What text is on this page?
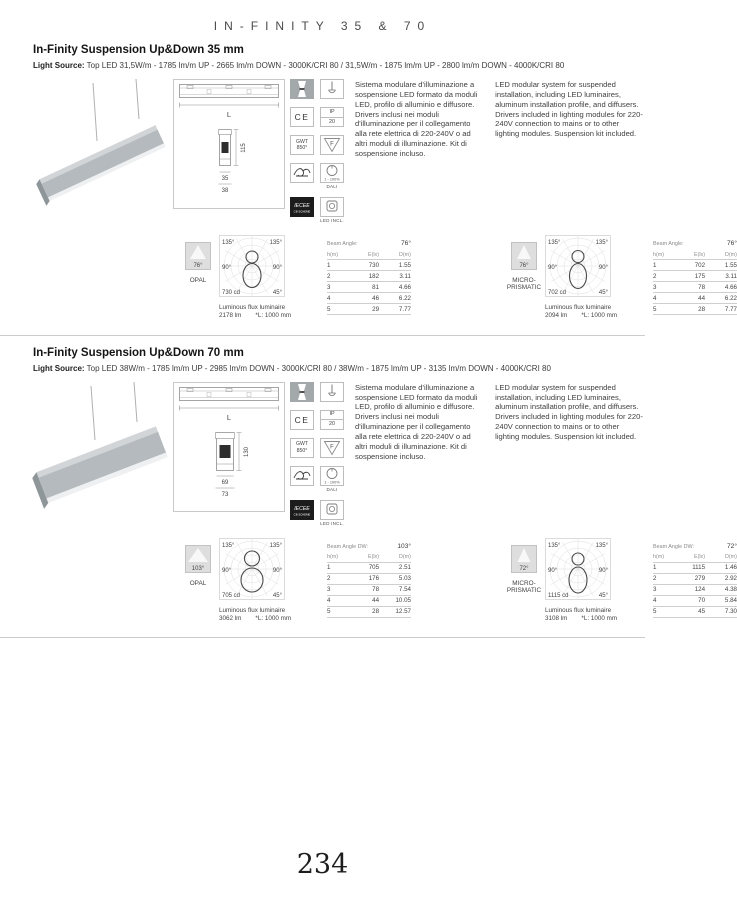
IN-FINITY 35 & 70
In-Finity Suspension Up&Down 35 mm

Light Source: Top LED 31,5W/m - 1785 lm/m UP - 2665 lm/m DOWN - 3000K/CRI 80 / 31,5W/m - 1875 lm/m UP - 2800 lm/m DOWN - 4000K/CRI 80

L
115
35
38
CE
IP
20
GWT
850°
F
1 - 100%
DALI
IECEE
CB SCHEME
LED INCL.

Sistema modulare d'illuminazione a sospensione LED formato da moduli LED, profilo di alluminio e diffusore. Drivers inclusi nei moduli d'illuminazione per il collegamento alla rete elettrica di 220-240V o ad altri moduli di illuminazione. Kit di sospensione incluso.

LED modular system for suspended installation, including LED luminaires, aluminum installation profile, and diffusers. Drivers included in lighting modules for 220-240V connection to mains or to other lighting modules. Suspension kit included.

76°
OPAL
135°	135°
90°	90°
730 cd	45°
Luminous flux luminaire
2178 lm *L: 1000 mm
Beam Angle:	76°
h(m)	E(lx)	D(m)
1	730	1.55
2	182	3.11
3	81	4.66
4	46	6.22
5	29	7.77
76°
MICRO-PRISMATIC
135°	135°
90°	90°
702 cd	45°
Luminous flux luminaire
2094 lm *L: 1000 mm
Beam Angle:	76°
h(m)	E(lx)	D(m)
1	702	1.55
2	175	3.11
3	78	4.66
4	44	6.22
5	28	7.77
In-Finity Suspension Up&Down 70 mm

Light Source: Top LED 38W/m - 1785 lm/m UP - 2985 lm/m DOWN - 3000K/CRI 80 / 38W/m - 1875 lm/m UP - 3135 lm/m DOWN - 4000K/CRI 80

L
130
69
73
CE
IP
20
GWT
850°
F
1 - 100%
DALI
IECEE
CB SCHEME
LED INCL.

Sistema modulare d'illuminazione a sospensione LED formato da moduli LED, profilo di alluminio e diffusore. Drivers inclusi nei moduli d'illuminazione per il collegamento alla rete elettrica di 220-240V o ad altri moduli di illuminazione. Kit di sospensione incluso.

LED modular system for suspended installation, including LED luminaires, aluminum installation profile, and diffusers. Drivers included in lighting modules for 220-240V connection to mains or to other lighting modules. Suspension kit included.

103°
OPAL
135°	135°
90°	90°
705 cd	45°
Luminous flux luminaire
3062 lm *L: 1000 mm
Beam Angle DW:	103°
h(m)	E(lx)	D(m)
1	705	2.51
2	176	5.03
3	78	7.54
4	44	10.05
5	28	12.57
72°
MICRO-PRISMATIC
135°	135°
90°	90°
1115 cd	45°
Luminous flux luminaire
3108 lm *L: 1000 mm
Beam Angle DW:	72°
h(m)	E(lx)	D(m)
1	1115	1.46
2	279	2.92
3	124	4.38
4	70	5.84
5	45	7.30
234
